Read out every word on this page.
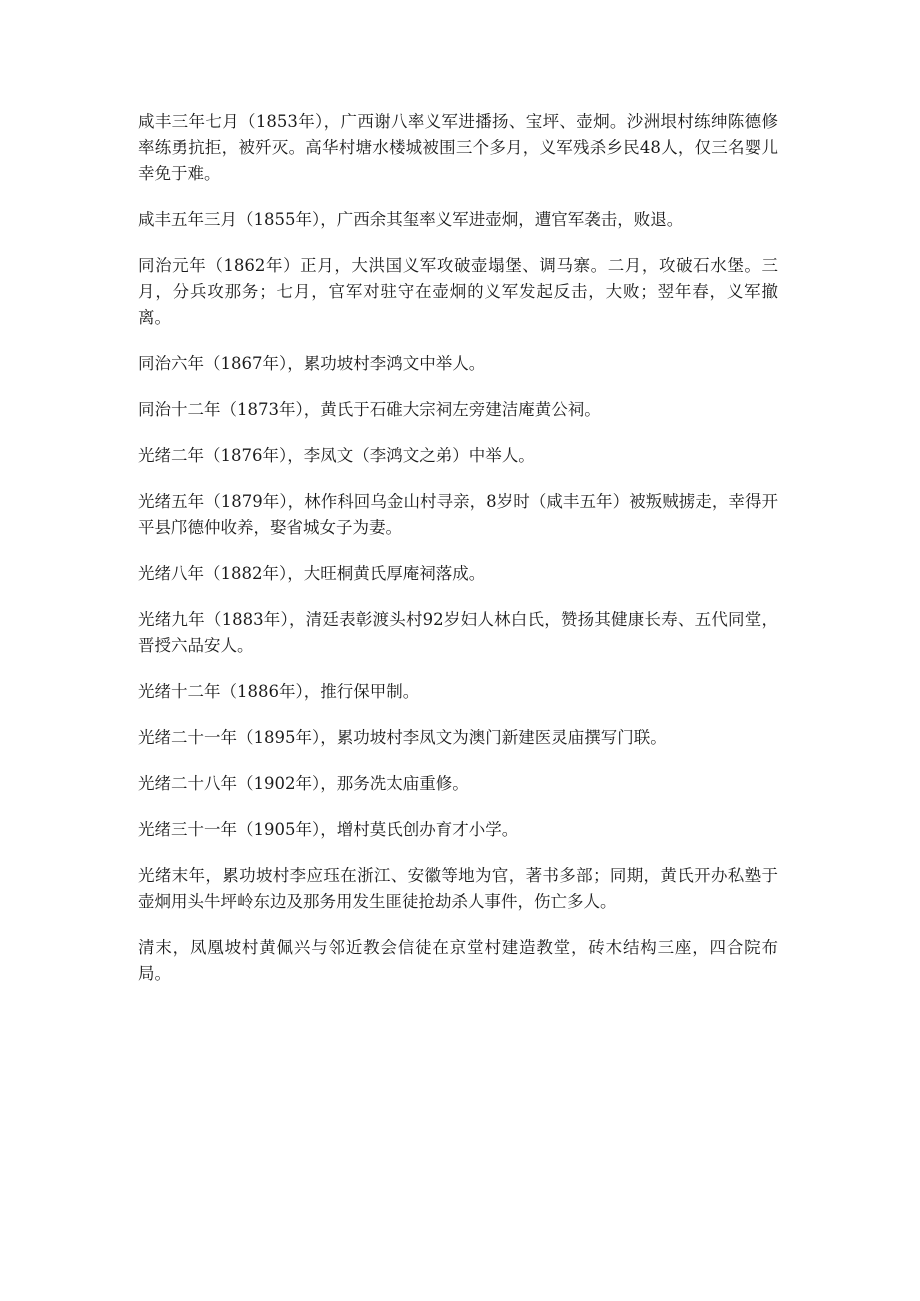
咸丰三年七月（1853年），广西谢八率义军进播扬、宝坪、壶炯。沙洲垠村练绅陈德修率练勇抗拒，被歼灭。高华村塘水楼城被围三个多月，义军残杀乡民48人，仅三名婴儿幸免于难。

咸丰五年三月（1855年），广西余其玺率义军进壶炯，遭官军袭击，败退。

同治元年（1862年）正月，大洪国义军攻破壶塌堡、调马寨。二月，攻破石水堡。三月，分兵攻那务；七月，官军对驻守在壶炯的义军发起反击，大败；翌年春，义军撤离。

同治六年（1867年），累功坡村李鸿文中举人。

同治十二年（1873年），黄氏于石碓大宗祠左旁建洁庵黄公祠。

光绪二年（1876年），李凤文（李鸿文之弟）中举人。

光绪五年（1879年），林作科回乌金山村寻亲，8岁时（咸丰五年）被叛贼掳走，幸得开平县邝德仲收养，娶省城女子为妻。

光绪八年（1882年），大旺桐黄氏厚庵祠落成。

光绪九年（1883年），清廷表彰渡头村92岁妇人林白氏，赞扬其健康长寿、五代同堂，晋授六品安人。

光绪十二年（1886年），推行保甲制。

光绪二十一年（1895年），累功坡村李凤文为澳门新建医灵庙撰写门联。

光绪二十八年（1902年），那务冼太庙重修。

光绪三十一年（1905年），增村莫氏创办育才小学。

光绪末年，累功坡村李应珏在浙江、安徽等地为官，著书多部；同期，黄氏开办私塾于壶炯用头牛坪岭东边及那务用发生匪徒抢劫杀人事件，伤亡多人。

清末，凤凰坡村黄佩兴与邻近教会信徒在京堂村建造教堂，砖木结构三座，四合院布局。
